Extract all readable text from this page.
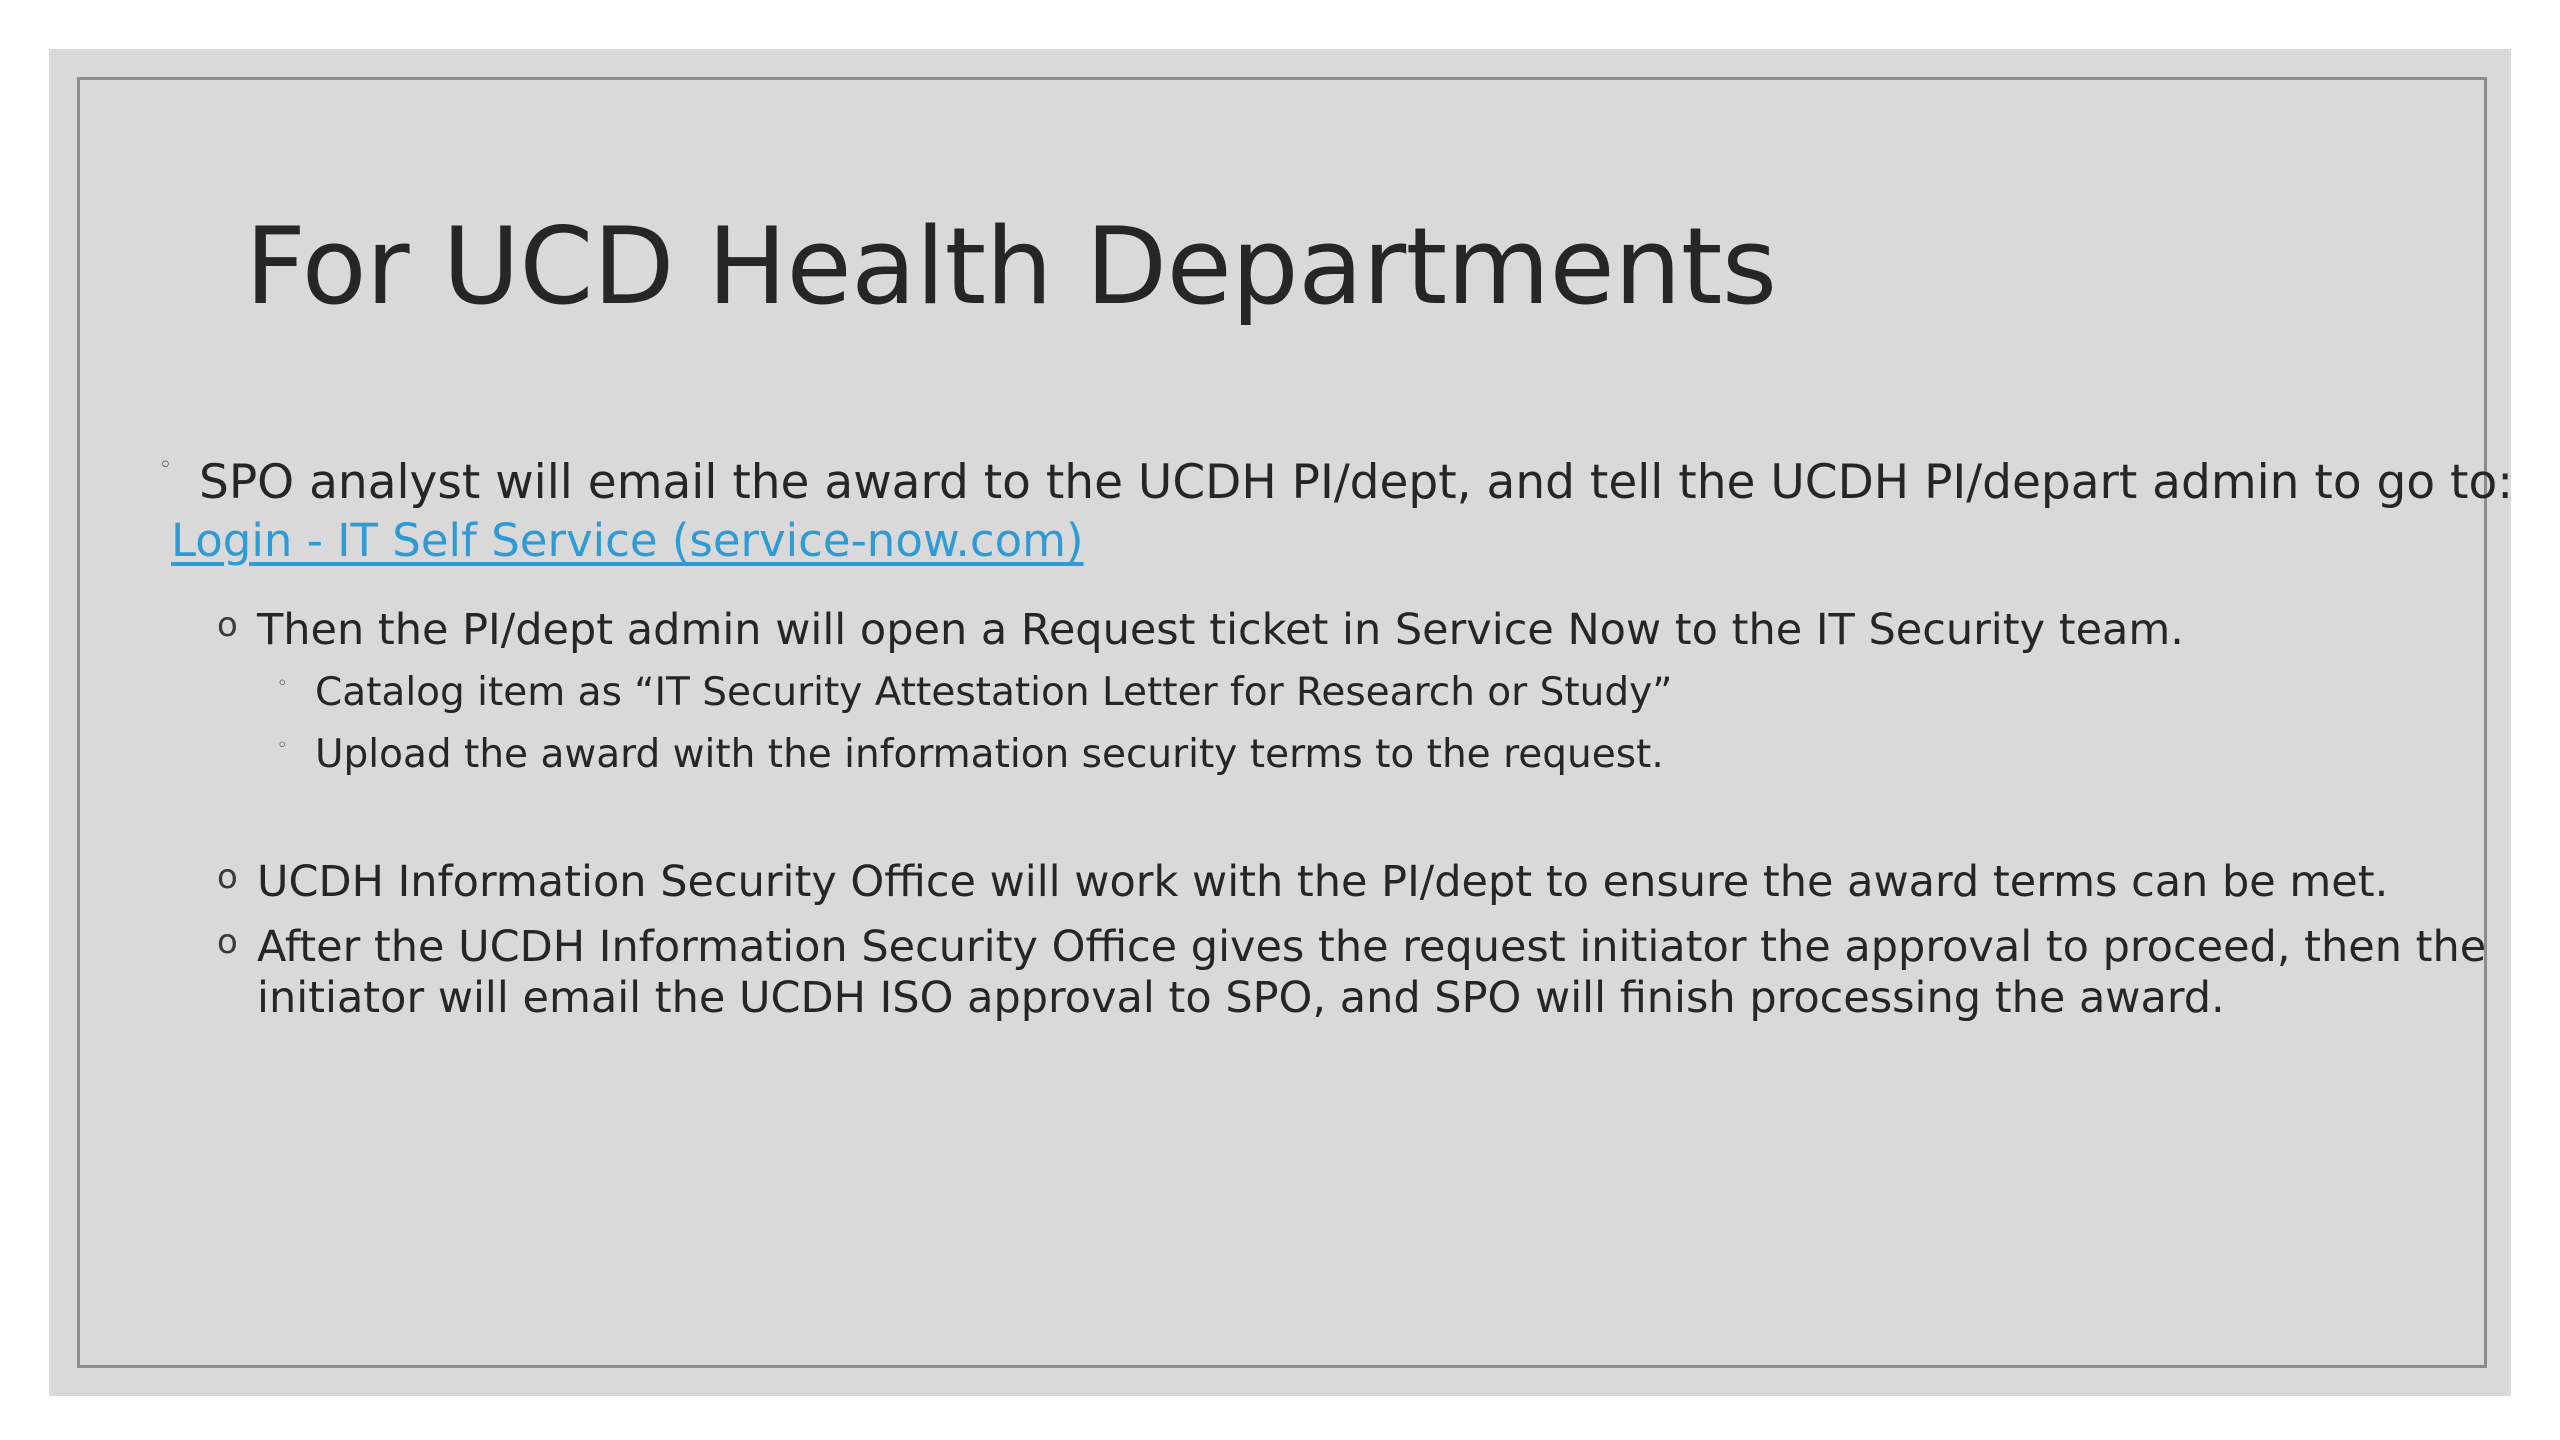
For UCD Health Departments
◦ SPO analyst will email the award to the UCDH PI/dept, and tell the UCDH PI/depart admin to go to:
Login - IT Self Service (service-now.com)
o Then the PI/dept admin will open a Request ticket in Service Now to the IT Security team.
◦ Catalog item as “IT Security Attestation Letter for Research or Study”
◦ Upload the award with the information security terms to the request.
o UCDH Information Security Office will work with the PI/dept to ensure the award terms can be met.
o After the UCDH Information Security Office gives the request initiator the approval to proceed, then the
initiator will email the UCDH ISO approval to SPO, and SPO will finish processing the award.
